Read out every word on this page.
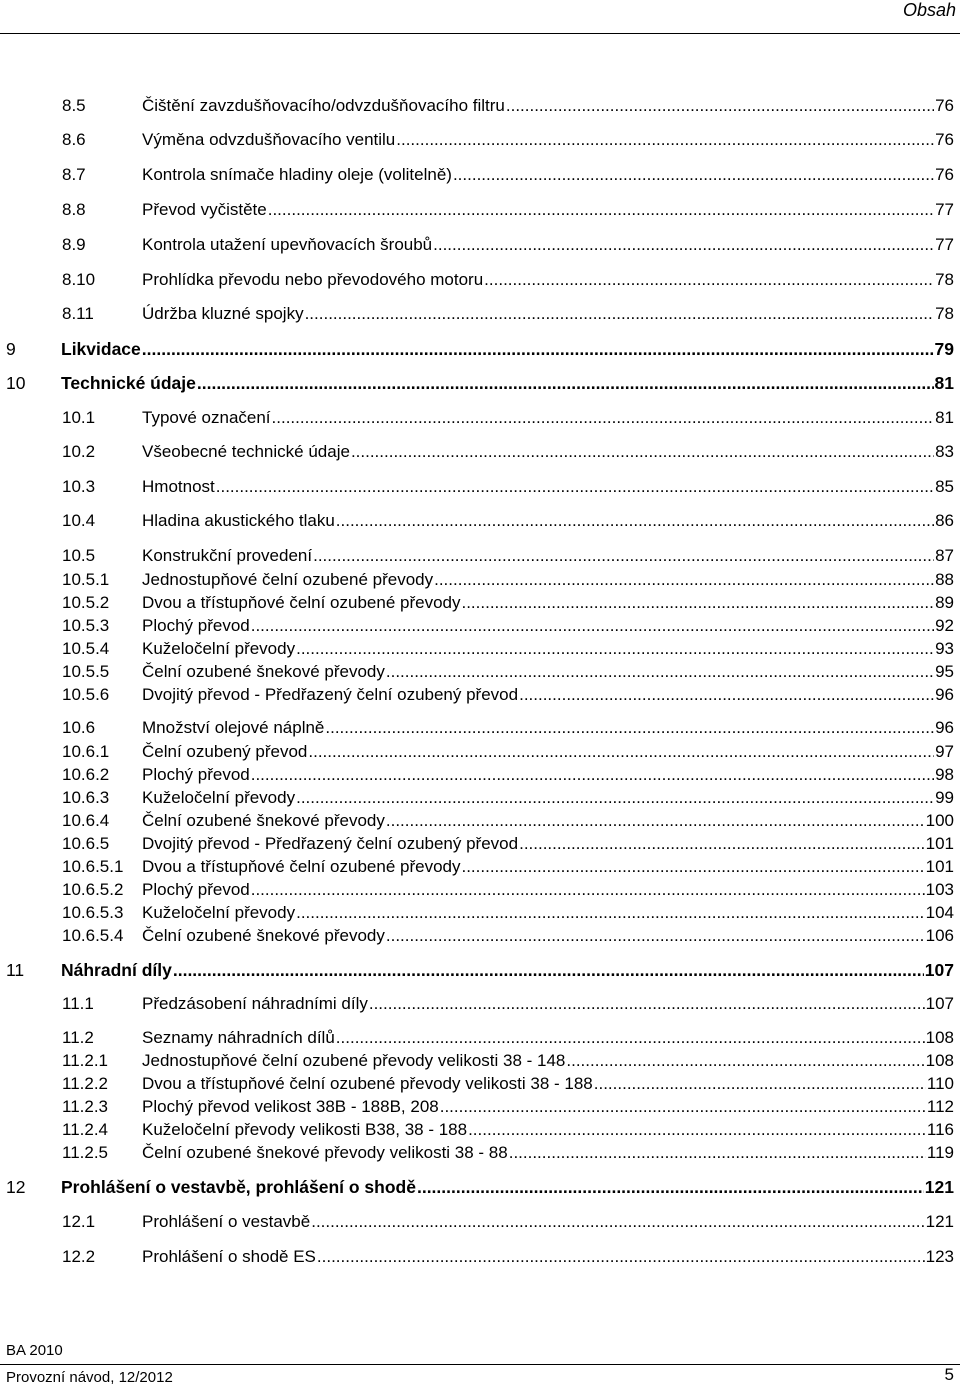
Obsah
8.5	Čištění zavzdušňovacího/odvzdušňovacího filtru .....	76
8.6	Výměna odvzdušňovacího ventilu .....	76
8.7	Kontrola snímače hladiny oleje (volitelně) .....	76
8.8	Převod vyčistěte .....	77
8.9	Kontrola utažení upevňovacích šroubů .....	77
8.10	Prohlídka převodu nebo převodového motoru .....	78
8.11	Údržba kluzné spojky .....	78
9	Likvidace .....	79
10 Technické údaje .....	81
10.1	Typové označení .....	81
10.2	Všeobecné technické údaje .....	83
10.3	Hmotnost .....	85
10.4	Hladina akustického tlaku .....	86
10.5	Konstrukční provedení .....	87
10.5.1 Jednostupňové čelní ozubené převody .....	88
10.5.2 Dvou a třístupňové čelní ozubené převody .....	89
10.5.3 Plochý převod .....	92
10.5.4 Kuželočelní převody .....	93
10.5.5 Čelní ozubené šnekové převody .....	95
10.5.6 Dvojitý převod - Předřazený čelní ozubený převod .....	96
10.6	Množství olejové náplně .....	96
10.6.1 Čelní ozubený převod .....	97
10.6.2 Plochý převod .....	98
10.6.3 Kuželočelní převody .....	99
10.6.4 Čelní ozubené šnekové převody .....	100
10.6.5 Dvojitý převod - Předřazený čelní ozubený převod .....	101
10.6.5.1 Dvou a třístupňové čelní ozubené převody .....	101
10.6.5.2 Plochý převod .....	103
10.6.5.3 Kuželočelní převody .....	104
10.6.5.4 Čelní ozubené šnekové převody .....	106
11 Náhradní díly .....	107
11.1	Předzásobení náhradními díly .....	107
11.2	Seznamy náhradních dílů .....	108
11.2.1 Jednostupňové čelní ozubené převody velikosti 38 - 148 .....	108
11.2.2 Dvou a třístupňové čelní ozubené převody velikosti 38 - 188 .....	110
11.2.3 Plochý převod velikost 38B - 188B, 208 .....	112
11.2.4 Kuželočelní převody velikosti B38, 38 - 188 .....	116
11.2.5 Čelní ozubené šnekové převody velikosti 38 - 88 .....	119
12 Prohlášení o vestavbě, prohlášení o shodě .....	121
12.1	Prohlášení o vestavbě .....	121
12.2	Prohlášení o shodě ES .....	123
BA 2010
Provozní návod, 12/2012	5
